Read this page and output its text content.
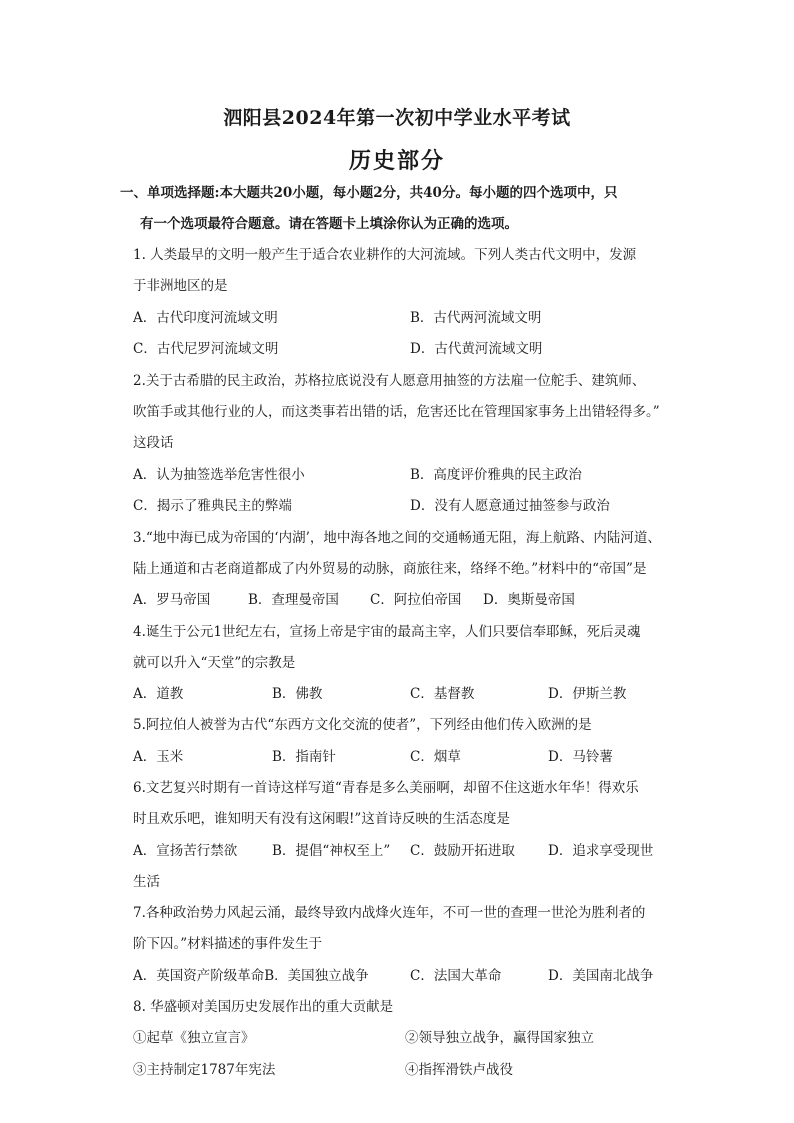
泗阳县2024年第一次初中学业水平考试
历史部分
一、单项选择题:本大题共20小题，每小题2分，共40分。每小题的四个选项中，只
有一个选项最符合题意。请在答题卡上填涂你认为正确的选项。
1. 人类最早的文明一般产生于适合农业耕作的大河流域。下列人类古代文明中，发源
于非洲地区的是
A．古代印度河流域文明	B．古代两河流域文明
C．古代尼罗河流域文明	D．古代黄河流域文明
2.关于古希腊的民主政治，苏格拉底说没有人愿意用抽签的方法雇一位舵手、建筑师、
吹笛手或其他行业的人，而这类事若出错的话，危害还比在管理国家事务上出错轻得多。”
这段话
A．认为抽签选举危害性很小	B．高度评价雅典的民主政治
C．揭示了雅典民主的弊端	D．没有人愿意通过抽签参与政治
3.“地中海已成为帝国的‘内湖’，地中海各地之间的交通畅通无阻，海上航路、内陆河道、
陆上通道和古老商道都成了内外贸易的动脉，商旅往来，络绎不绝。”材料中的“帝国”是
A．罗马帝国	B．查理曼帝国 C．阿拉伯帝国 D．奥斯曼帝国
4.诞生于公元1世纪左右，宣扬上帝是宇宙的最高主宰，人们只要信奉耶稣，死后灵魂
就可以升入“天堂”的宗教是
A．道教	B．佛教	C．基督教	D．伊斯兰教
5.阿拉伯人被誉为古代“东西方文化交流的使者”，下列经由他们传入欧洲的是
A．玉米	B．指南针	C．烟草	D．马铃薯
6.文艺复兴时期有一首诗这样写道“青春是多么美丽啊，却留不住这逝水年华！得欢乐
时且欢乐吧，谁知明天有没有这闲暇!”这首诗反映的生活态度是
A．宣扬苦行禁欲	B．提倡“神权至上” C．鼓励开拓进取 D．追求享受现世
生活
7.各种政治势力风起云涌，最终导致内战烽火连年，不可一世的查理一世沦为胜利者的
阶下囚。”材料描述的事件发生于
A．英国资产阶级革命B．美国独立战争	C．法国大革命	D．美国南北战争
8. 华盛顿对美国历史发展作出的重大贡献是
①起草《独立宣言》	②领导独立战争，赢得国家独立
③主持制定1787年宪法	④指挥滑铁卢战役
